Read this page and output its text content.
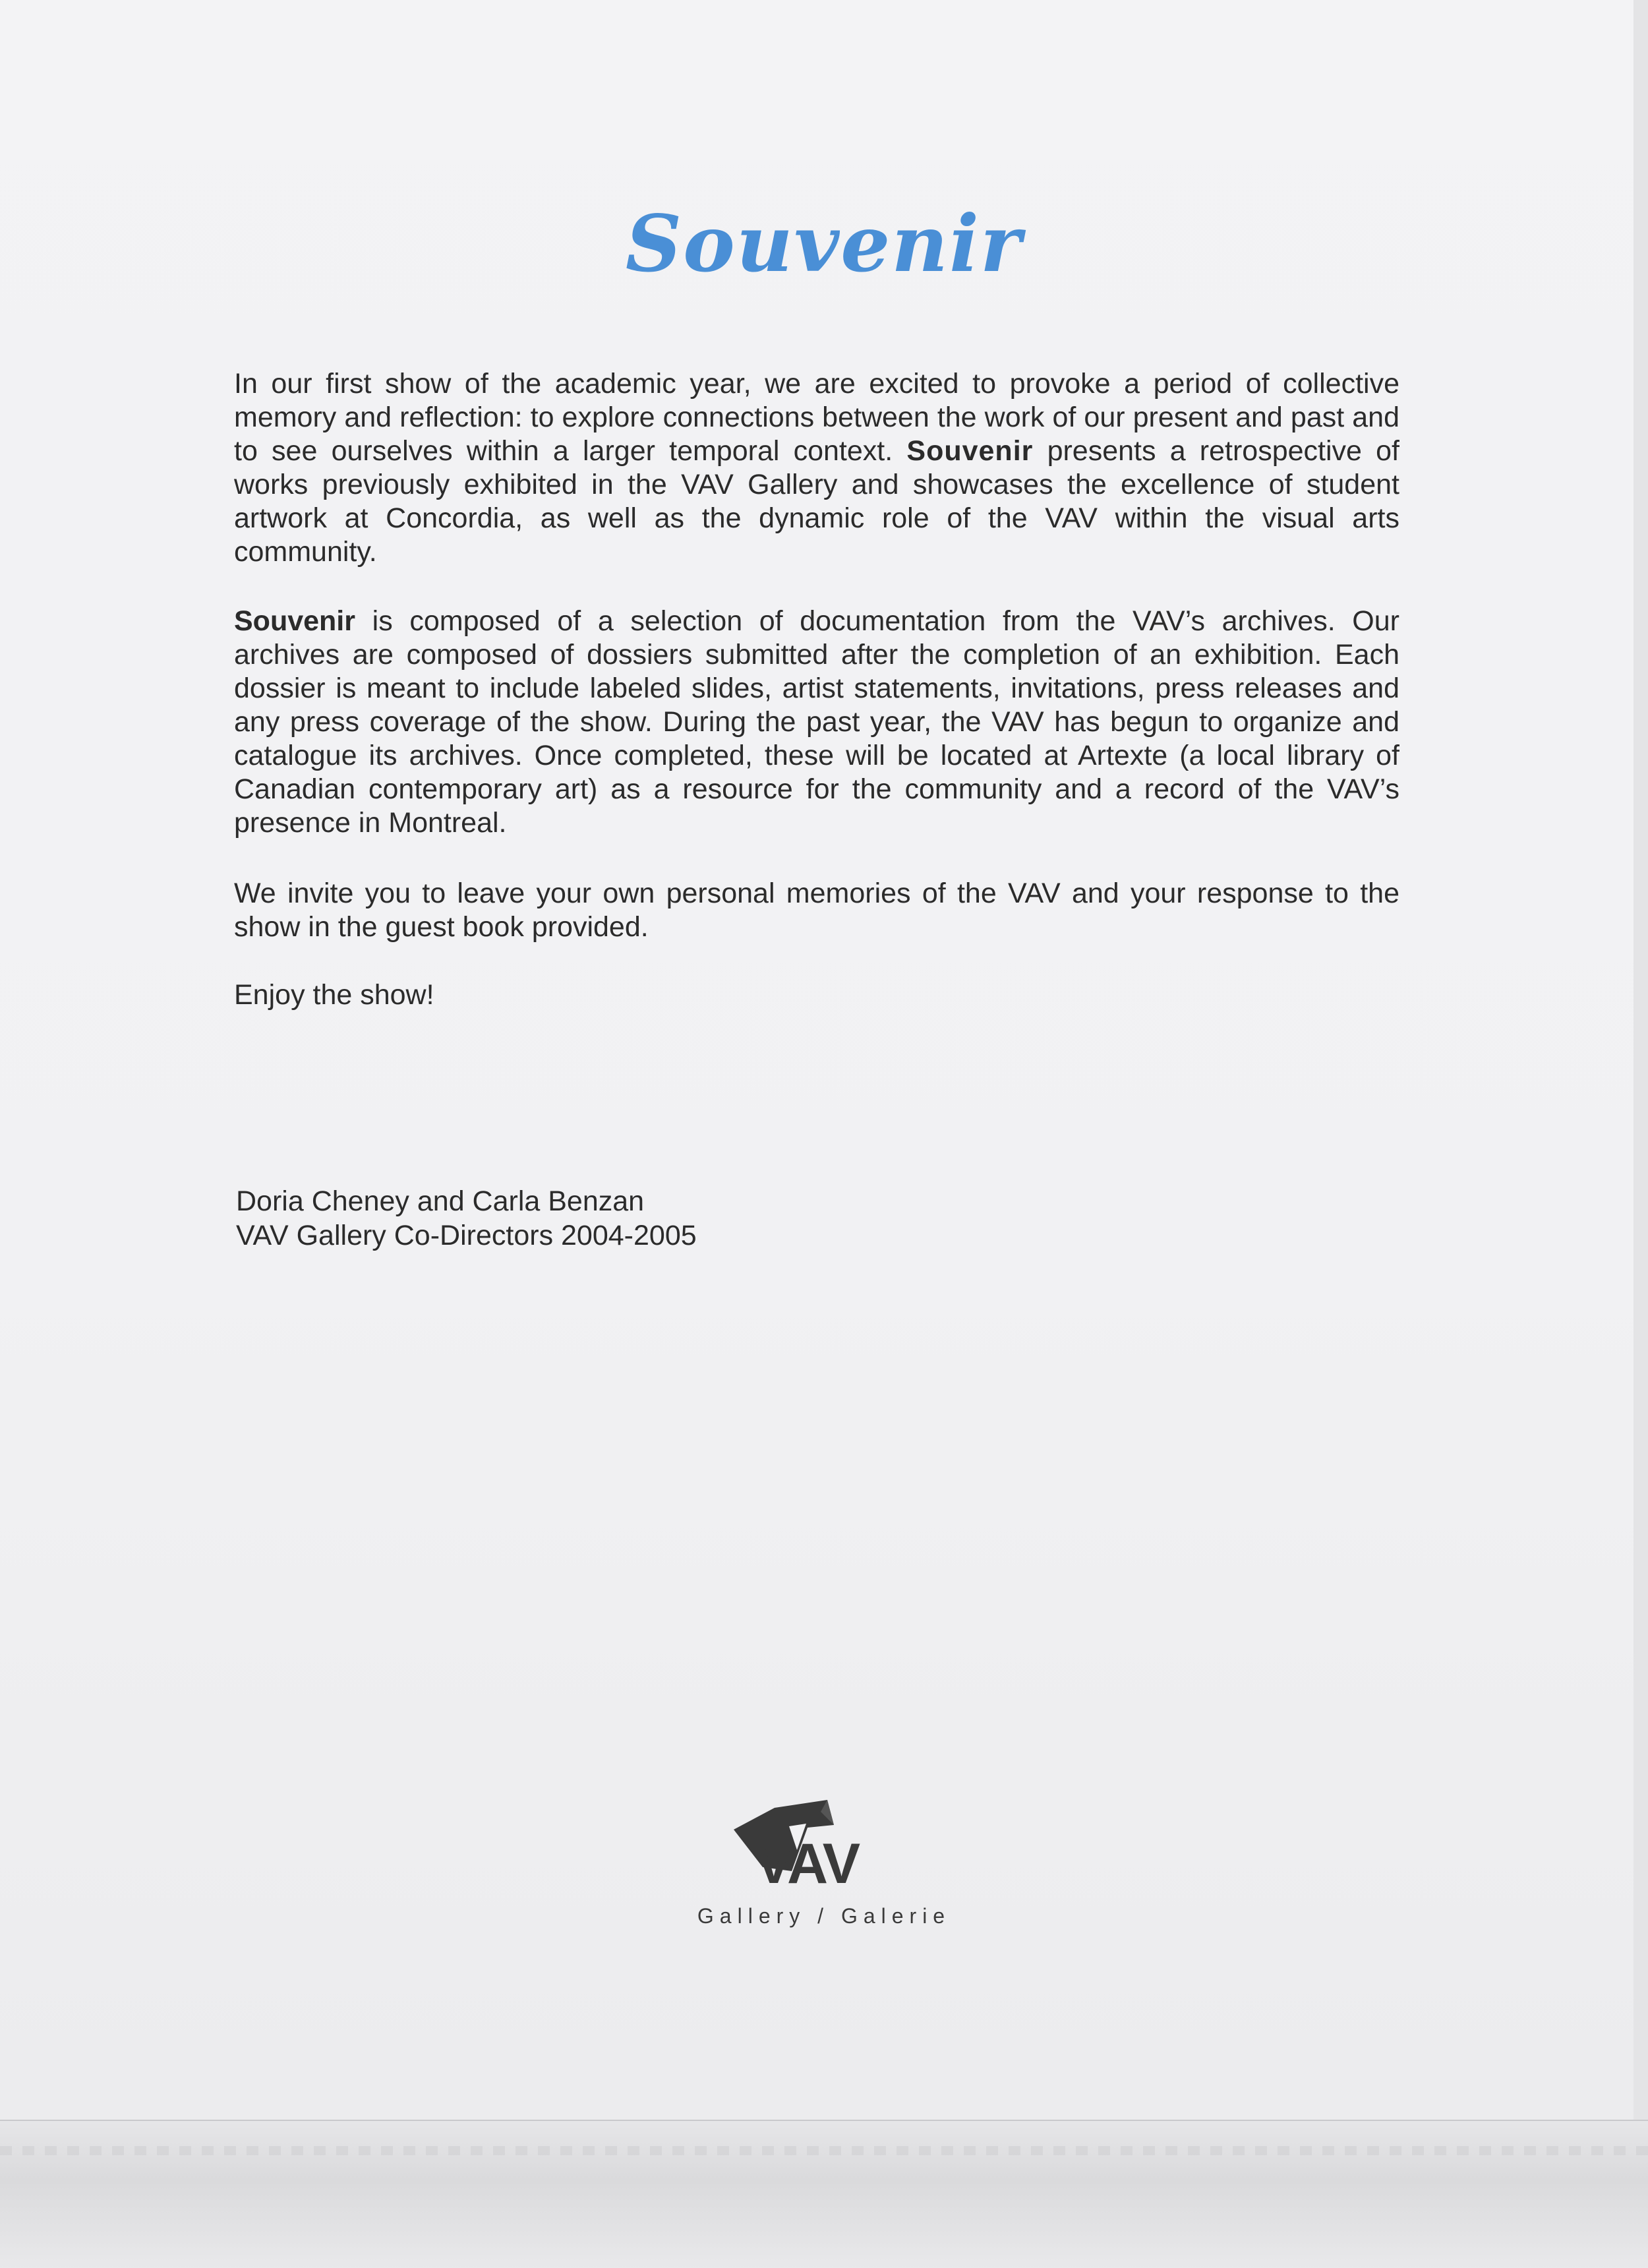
Souvenir
In our first show of the academic year, we are excited to provoke a period of collective memory and reflection: to explore connections between the work of our present and past and to see ourselves within a larger temporal context. Souvenir presents a retrospective of works previously exhibited in the VAV Gallery and showcases the excellence of student artwork at Concordia, as well as the dynamic role of the VAV within the visual arts community.
Souvenir is composed of a selection of documentation from the VAV’s archives. Our archives are composed of dossiers submitted after the completion of an exhibition. Each dossier is meant to include labeled slides, artist statements, invitations, press releases and any press coverage of the show. During the past year, the VAV has begun to organize and catalogue its archives. Once completed, these will be located at Artexte (a local library of Canadian contemporary art) as a resource for the community and a record of the VAV’s presence in Montreal.
We invite you to leave your own personal memories of the VAV and your response to the show in the guest book provided.
Enjoy the show!
Doria Cheney and Carla Benzan
VAV Gallery Co-Directors 2004-2005
VAV
Gallery / Galerie
